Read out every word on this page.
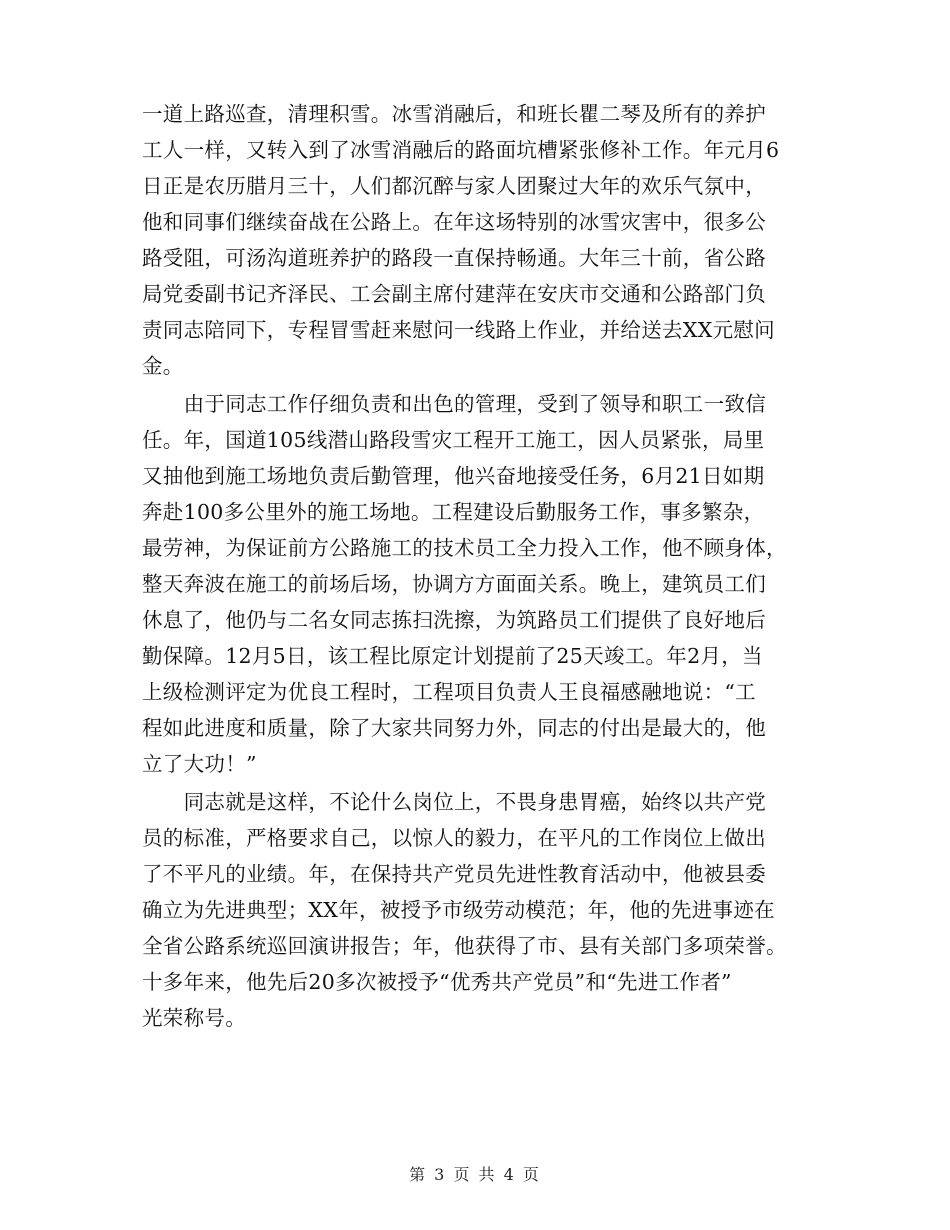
一道上路巡查，清理积雪。冰雪消融后，和班长瞿二琴及所有的养护
工人一样，又转入到了冰雪消融后的路面坑槽紧张修补工作。年元月6
日正是农历腊月三十，人们都沉醉与家人团聚过大年的欢乐气氛中，
他和同事们继续奋战在公路上。在年这场特别的冰雪灾害中，很多公
路受阻，可汤沟道班养护的路段一直保持畅通。大年三十前，省公路
局党委副书记齐泽民、工会副主席付建萍在安庆市交通和公路部门负
责同志陪同下，专程冒雪赶来慰问一线路上作业，并给送去XX元慰问
金。
　　由于同志工作仔细负责和出色的管理，受到了领导和职工一致信
任。年，国道105线潜山路段雪灾工程开工施工，因人员紧张，局里
又抽他到施工场地负责后勤管理，他兴奋地接受任务，6月21日如期
奔赴100多公里外的施工场地。工程建设后勤服务工作，事多繁杂，
最劳神，为保证前方公路施工的技术员工全力投入工作，他不顾身体，
整天奔波在施工的前场后场，协调方方面面关系。晚上，建筑员工们
休息了，他仍与二名女同志拣扫洗擦，为筑路员工们提供了良好地后
勤保障。12月5日，该工程比原定计划提前了25天竣工。年2月，当
上级检测评定为优良工程时，工程项目负责人王良福感融地说：“工
程如此进度和质量，除了大家共同努力外，同志的付出是最大的，他
立了大功！”
　　同志就是这样，不论什么岗位上，不畏身患胃癌，始终以共产党
员的标准，严格要求自己，以惊人的毅力，在平凡的工作岗位上做出
了不平凡的业绩。年，在保持共产党员先进性教育活动中，他被县委
确立为先进典型；XX年，被授予市级劳动模范；年，他的先进事迹在
全省公路系统巡回演讲报告；年，他获得了市、县有关部门多项荣誉。
十多年来，他先后20多次被授予“优秀共产党员”和“先进工作者”
光荣称号。
第 3 页 共 4 页
